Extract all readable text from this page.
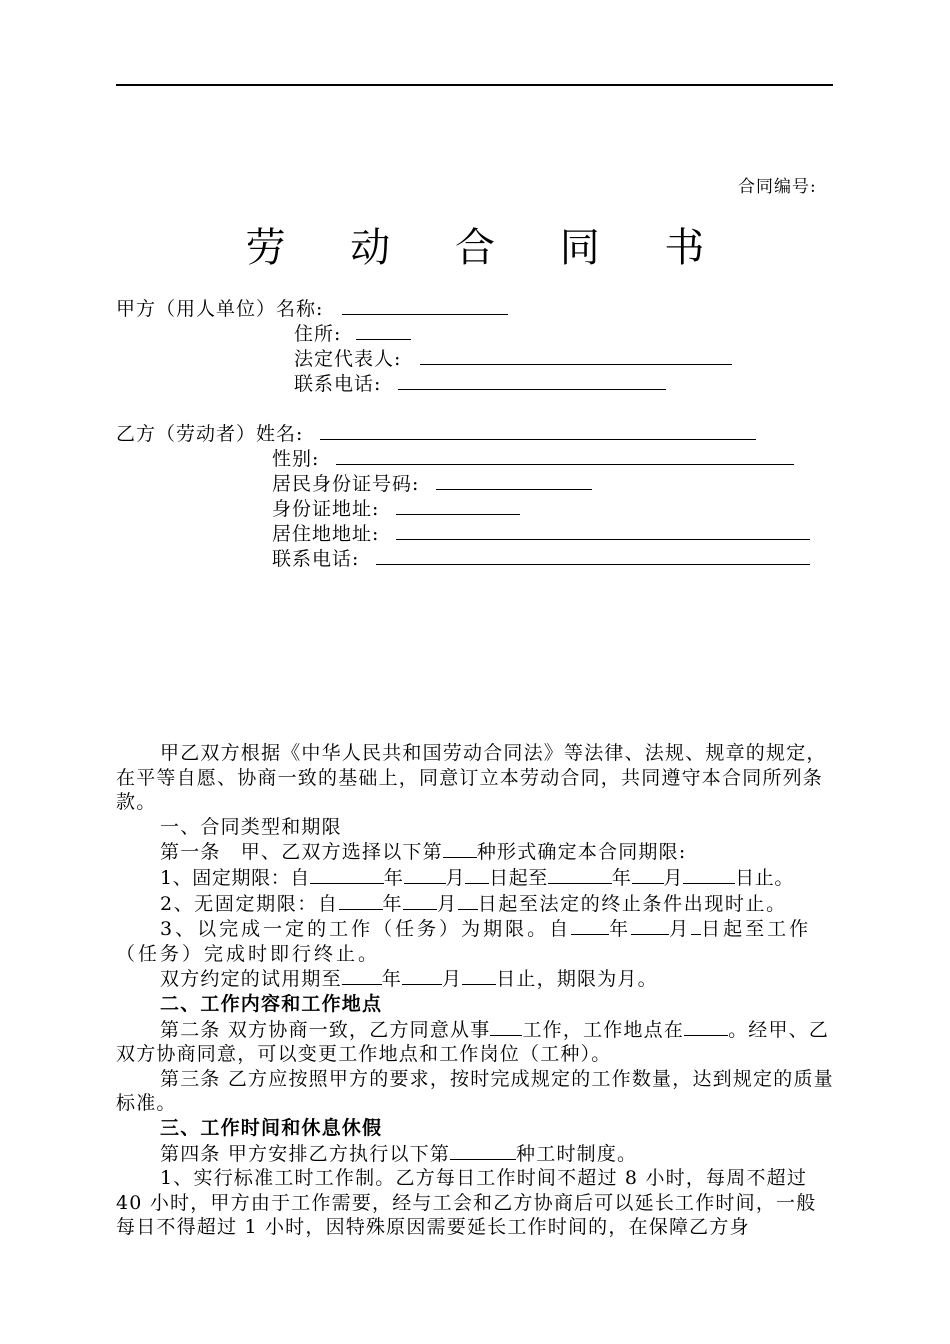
合同编号:
劳 动 合 同 书
甲方（用人单位）名称:
住所:
法定代表人:
联系电话:
乙方（劳动者）姓名:
性别:
居民身份证号码:
身份证地址:
居住地地址:
联系电话:

甲乙双方根据《中华人民共和国劳动合同法》等法律、法规、规章的规定，在平等自愿、协商一致的基础上，同意订立本劳动合同，共同遵守本合同所列条款。

一、合同类型和期限

第一条　甲、乙双方选择以下第 种形式确定本合同期限:

1、固定期限：自	年 月 日起至	年 月	日止。

2、无固定期限：自 年 月 日起至法定的终止条件出现时止。

3、以完成一定的工作（任务）为期限。自 年 月 日起至工作（任务）完成时即行终止。

双方约定的试用期至 年 月 日止，期限为月。

二、工作内容和工作地点

第二条 双方协商一致，乙方同意从事 工作，工作地点在 。经甲、乙双方协商同意，可以变更工作地点和工作岗位（工种）。

第三条 乙方应按照甲方的要求，按时完成规定的工作数量，达到规定的质量标准。

三、工作时间和休息休假

第四条 甲方安排乙方执行以下第	种工时制度。

1、实行标准工时工作制。乙方每日工作时间不超过 8 小时，每周不超过 40 小时，甲方由于工作需要，经与工会和乙方协商后可以延长工作时间，一般每日不得超过 1 小时，因特殊原因需要延长工作时间的，在保障乙方身
